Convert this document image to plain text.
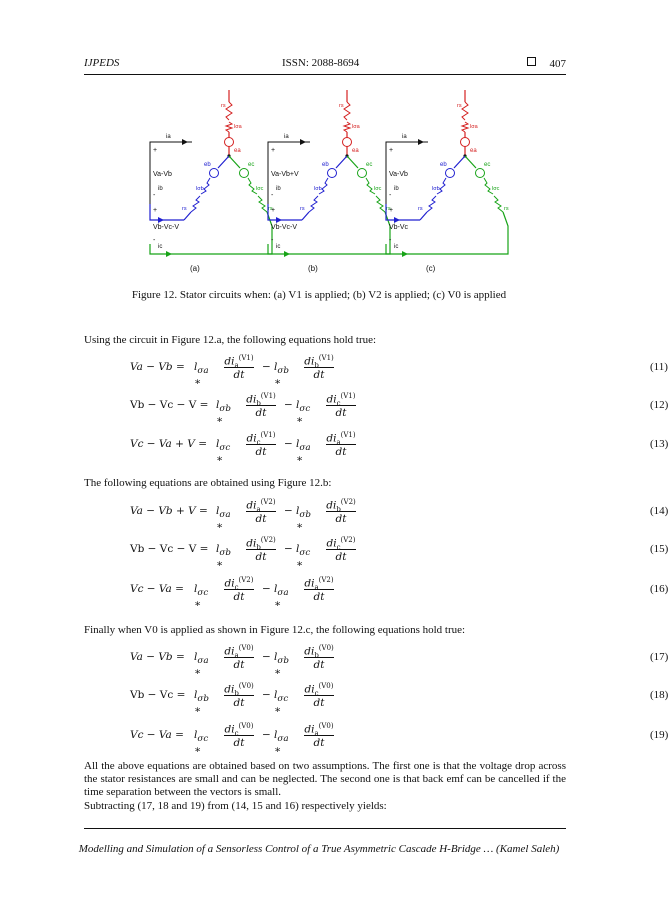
IJPEDS	ISSN: 2088-8694	407
+
-
+
-
Va-Vb
Vb-Vc-V
ia
ib
ic
rs
lσa
ea
eb	ec
lσb	lσc
rs	rs
(a)
+
-
+
-
Va-Vb+V
Vb-Vc-V
ia
ib
ic
rs
lσa
ea
eb	ec
lσb	lσc
rs	rs
(b)
+
-
+
-
Va-Vb
Vb-Vc
ia
ib
ic
rs
lσa
ea
eb	ec
lσb	lσc
rs	rs
(c)
Figure 12. Stator circuits when: (a) V1 is applied; (b) V2 is applied; (c) V0 is applied
Using the circuit in Figure 12.a, the following equations hold true:
$Va - Vb = l_{\sigma a}$ ∗
$di_a^{(V1)}$
dt
− $l_{\sigma b}$ ∗
$di_b^{(V1)}$
dt
(11)
$Vb - Vc - V = l_{\sigma b}$ ∗
$di_b^{(V1)}$
dt
− $l_{\sigma c}$ ∗
$di_c^{(V1)}$
dt
(12)
$Vc - Va + V = l_{\sigma c}$ ∗
$di_c^{(V1)}$
dt
− $l_{\sigma a}$ ∗
$di_a^{(V1)}$
dt
(13)
$Va - Vb + V = l_{\sigma a}$ ∗
$di_a^{(V2)}$
dt
− $l_{\sigma b}$ ∗
$di_b^{(V2)}$
dt
(14)
$Vb - Vc - V = l_{\sigma b}$ ∗
$di_b^{(V2)}$
dt
− $l_{\sigma c}$ ∗
$di_c^{(V2)}$
dt
(15)
$Vc - Va = l_{\sigma c}$ ∗
$di_c^{(V2)}$
dt
− $l_{\sigma a}$ ∗
$di_a^{(V2)}$
dt
(16)
$Va - Vb = l_{\sigma a}$ ∗
$di_a^{(V0)}$
dt
− $l_{\sigma b}$ ∗
$di_b^{(V0)}$
dt
(17)
$Vb - Vc = l_{\sigma b}$ ∗
$di_b^{(V0)}$
dt
− $l_{\sigma c}$ ∗
$di_c^{(V0)}$
dt
(18)
$Vc - Va = l_{\sigma c}$ ∗
$di_c^{(V0)}$
dt
− $l_{\sigma a}$ ∗
$di_a^{(V0)}$
dt
(19)
The following equations are obtained using Figure 12.b:
Finally when V0 is applied as shown in Figure 12.c, the following equations hold true:
All the above equations are obtained based on two assumptions. The first one is that the voltage drop across the stator resistances are small and can be neglected. The second one is that back emf can be cancelled if the time separation between the vectors is small.
Subtracting (17, 18 and 19) from (14, 15 and 16) respectively yields:
Modelling and Simulation of a Sensorless Control of a True Asymmetric Cascade H-Bridge … (Kamel Saleh)
